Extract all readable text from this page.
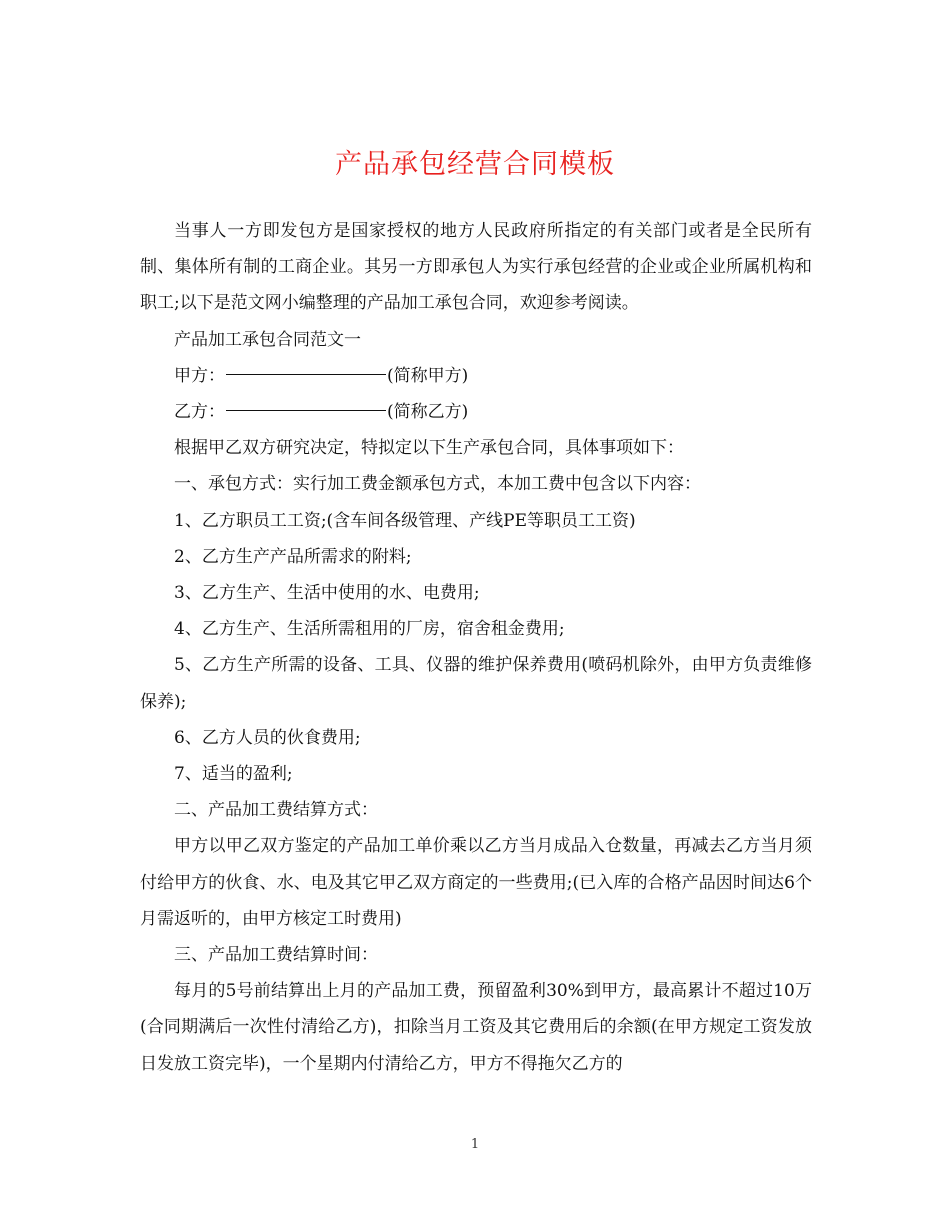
产品承包经营合同模板

当事人一方即发包方是国家授权的地方人民政府所指定的有关部门或者是全民所有制、集体所有制的工商企业。其另一方即承包人为实行承包经营的企业或企业所属机构和职工;以下是范文网小编整理的产品加工承包合同，欢迎参考阅读。

产品加工承包合同范文一

甲方：	(简称甲方)

乙方：	(简称乙方)

根据甲乙双方研究决定，特拟定以下生产承包合同，具体事项如下：

一、承包方式：实行加工费金额承包方式，本加工费中包含以下内容：

1、乙方职员工工资;(含车间各级管理、产线PE等职员工工资)

2、乙方生产产品所需求的附料;

3、乙方生产、生活中使用的水、电费用;

4、乙方生产、生活所需租用的厂房，宿舍租金费用;

5、乙方生产所需的设备、工具、仪器的维护保养费用(喷码机除外，由甲方负责维修保养);

6、乙方人员的伙食费用;

7、适当的盈利;

二、产品加工费结算方式：

甲方以甲乙双方鉴定的产品加工单价乘以乙方当月成品入仓数量，再减去乙方当月须付给甲方的伙食、水、电及其它甲乙双方商定的一些费用;(已入库的合格产品因时间达6个月需返听的，由甲方核定工时费用)

三、产品加工费结算时间：

每月的5号前结算出上月的产品加工费，预留盈利30%到甲方，最高累计不超过10万(合同期满后一次性付清给乙方)，扣除当月工资及其它费用后的余额(在甲方规定工资发放日发放工资完毕)，一个星期内付清给乙方，甲方不得拖欠乙方的

1
